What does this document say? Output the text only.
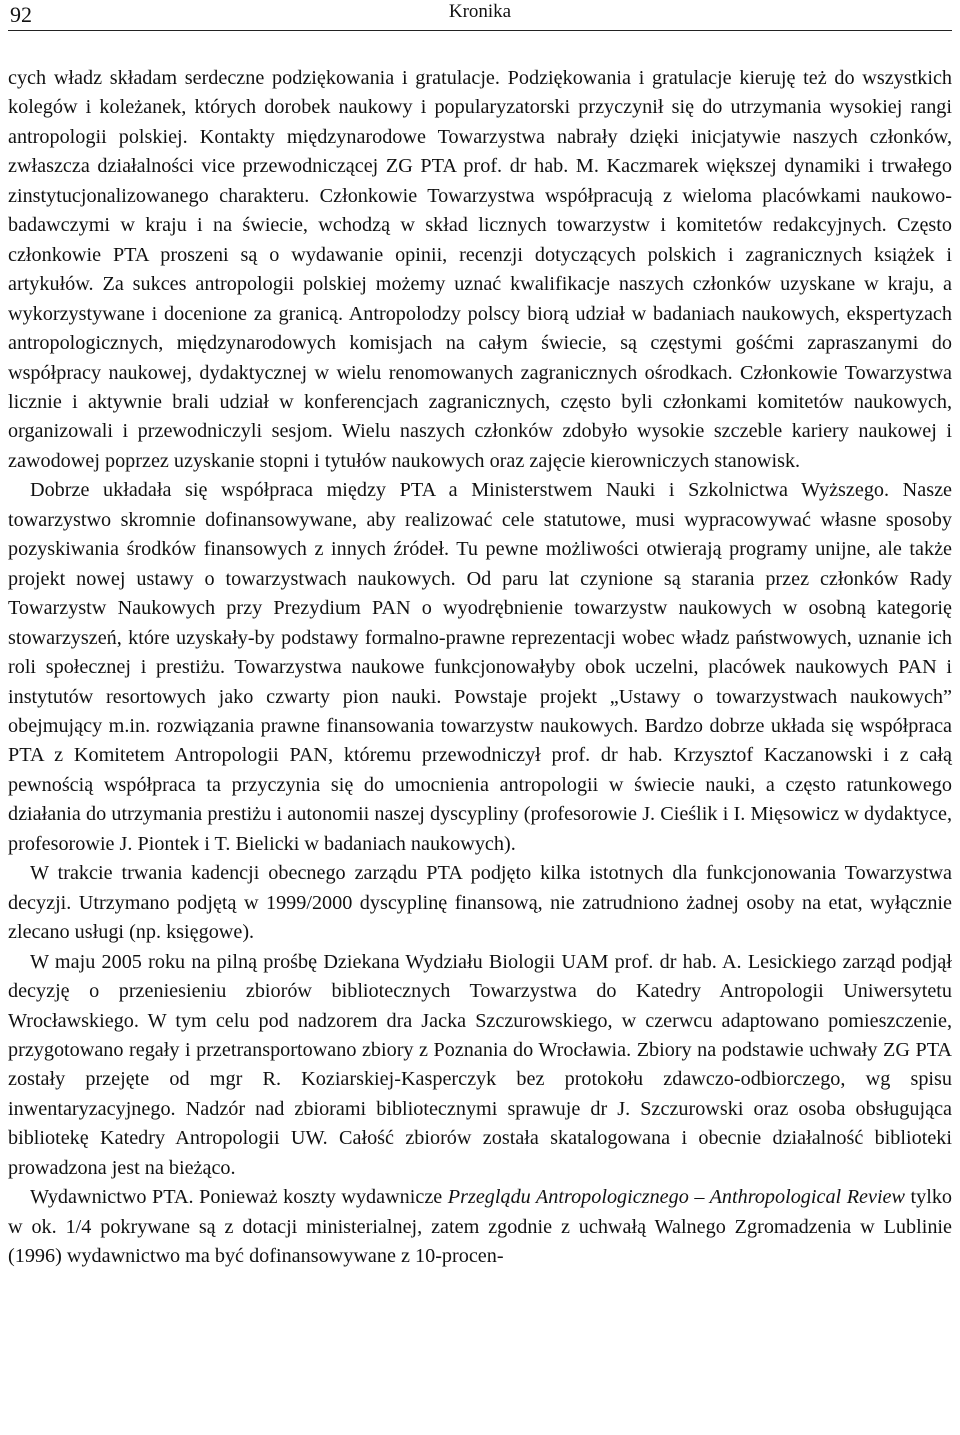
92	Kronika

cych władz składam serdeczne podziękowania i gratulacje. Podziękowania i gratulacje kieruję też do wszystkich kolegów i koleżanek, których dorobek naukowy i popularyzatorski przyczynił się do utrzymania wysokiej rangi antropologii polskiej. Kontakty międzynarodowe Towarzystwa nabrały dzięki inicjatywie naszych członków, zwłaszcza działalności vice przewodniczącej ZG PTA prof. dr hab. M. Kaczmarek większej dynamiki i trwałego zinstytucjonalizowanego charakteru. Członkowie Towarzystwa współpracują z wieloma placówkami naukowo-badawczymi w kraju i na świecie, wchodzą w skład licznych towarzystw i komitetów redakcyjnych. Często członkowie PTA proszeni są o wydawanie opinii, recenzji dotyczących polskich i zagranicznych książek i artykułów. Za sukces antropologii polskiej możemy uznać kwalifikacje naszych członków uzyskane w kraju, a wykorzystywane i docenione za granicą. Antropolodzy polscy biorą udział w badaniach naukowych, ekspertyzach antropologicznych, międzynarodowych komisjach na całym świecie, są częstymi gośćmi zapraszanymi do współpracy naukowej, dydaktycznej w wielu renomowanych zagranicznych ośrodkach. Członkowie Towarzystwa licznie i aktywnie brali udział w konferencjach zagranicznych, często byli członkami komitetów naukowych, organizowali i przewodniczyli sesjom. Wielu naszych członków zdobyło wysokie szczeble kariery naukowej i zawodowej poprzez uzyskanie stopni i tytułów naukowych oraz zajęcie kierowniczych stanowisk.

Dobrze układała się współpraca między PTA a Ministerstwem Nauki i Szkolnictwa Wyższego. Nasze towarzystwo skromnie dofinansowywane, aby realizować cele statutowe, musi wypracowywać własne sposoby pozyskiwania środków finansowych z innych źródeł. Tu pewne możliwości otwierają programy unijne, ale także projekt nowej ustawy o towarzystwach naukowych. Od paru lat czynione są starania przez członków Rady Towarzystw Naukowych przy Prezydium PAN o wyodrębnienie towarzystw naukowych w osobną kategorię stowarzyszeń, które uzyskały-by podstawy formalno-prawne reprezentacji wobec władz państwowych, uznanie ich roli społecznej i prestiżu. Towarzystwa naukowe funkcjonowałyby obok uczelni, placówek naukowych PAN i instytutów resortowych jako czwarty pion nauki. Powstaje projekt „Ustawy o towarzystwach naukowych” obejmujący m.in. rozwiązania prawne finansowania towarzystw naukowych. Bardzo dobrze układa się współpraca PTA z Komitetem Antropologii PAN, któremu przewodniczył prof. dr hab. Krzysztof Kaczanowski i z całą pewnością współpraca ta przyczynia się do umocnienia antropologii w świecie nauki, a często ratunkowego działania do utrzymania prestiżu i autonomii naszej dyscypliny (profesorowie J. Cieślik i I. Mięsowicz w dydaktyce, profesorowie J. Piontek i T. Bielicki w badaniach naukowych).

W trakcie trwania kadencji obecnego zarządu PTA podjęto kilka istotnych dla funkcjonowania Towarzystwa decyzji. Utrzymano podjętą w 1999/2000 dyscyplinę finansową, nie zatrudniono żadnej osoby na etat, wyłącznie zlecano usługi (np. księgowe).

W maju 2005 roku na pilną prośbę Dziekana Wydziału Biologii UAM prof. dr hab. A. Lesickiego zarząd podjął decyzję o przeniesieniu zbiorów bibliotecznych Towarzystwa do Katedry Antropologii Uniwersytetu Wrocławskiego. W tym celu pod nadzorem dra Jacka Szczurowskiego, w czerwcu adaptowano pomieszczenie, przygotowano regały i przetransportowano zbiory z Poznania do Wrocławia. Zbiory na podstawie uchwały ZG PTA zostały przejęte od mgr R. Koziarskiej-Kasperczyk bez protokołu zdawczo-odbiorczego, wg spisu inwentaryzacyjnego. Nadzór nad zbiorami bibliotecznymi sprawuje dr J. Szczurowski oraz osoba obsługująca bibliotekę Katedry Antropologii UW. Całość zbiorów została skatalogowana i obecnie działalność biblioteki prowadzona jest na bieżąco.

Wydawnictwo PTA. Ponieważ koszty wydawnicze Przeglądu Antropologicznego – Anthropological Review tylko w ok. 1/4 pokrywane są z dotacji ministerialnej, zatem zgodnie z uchwałą Walnego Zgromadzenia w Lublinie (1996) wydawnictwo ma być dofinansowywane z 10-procen-
